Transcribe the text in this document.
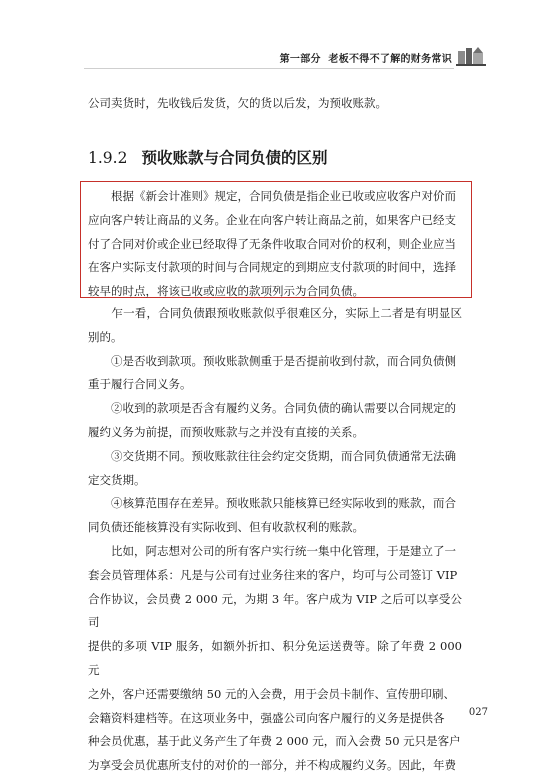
第一部分 老板不得不了解的财务常识

公司卖货时，先收钱后发货，欠的货以后发，为预收账款。

1.9.2 预收账款与合同负债的区别

　　根据《新会计准则》规定，合同负债是指企业已收或应收客户对价而
应向客户转让商品的义务。企业在向客户转让商品之前，如果客户已经支
付了合同对价或企业已经取得了无条件收取合同对价的权利，则企业应当
在客户实际支付款项的时间与合同规定的到期应支付款项的时间中，选择
较早的时点，将该已收或应收的款项列示为合同负债。

　　乍一看，合同负债跟预收账款似乎很难区分，实际上二者是有明显区别的。
　　①是否收到款项。预收账款侧重于是否提前收到付款，而合同负债侧
重于履行合同义务。
　　②收到的款项是否含有履约义务。合同负债的确认需要以合同规定的
履约义务为前提，而预收账款与之并没有直接的关系。
　　③交货期不同。预收账款往往会约定交货期，而合同负债通常无法确
定交货期。
　　④核算范围存在差异。预收账款只能核算已经实际收到的账款，而合
同负债还能核算没有实际收到、但有收款权利的账款。
　　比如，阿志想对公司的所有客户实行统一集中化管理，于是建立了一
套会员管理体系：凡是与公司有过业务往来的客户，均可与公司签订 VIP
合作协议，会员费 2 000 元，为期 3 年。客户成为 VIP 之后可以享受公司
提供的多项 VIP 服务，如额外折扣、积分免运送费等。除了年费 2 000 元
之外，客户还需要缴纳 50 元的入会费，用于会员卡制作、宣传册印刷、
会籍资料建档等。在这项业务中，强盛公司向客户履行的义务是提供各
种会员优惠，基于此义务产生了年费 2 000 元，而入会费 50 元只是客户
为享受会员优惠所支付的对价的一部分，并不构成履约义务。因此，年费

027
